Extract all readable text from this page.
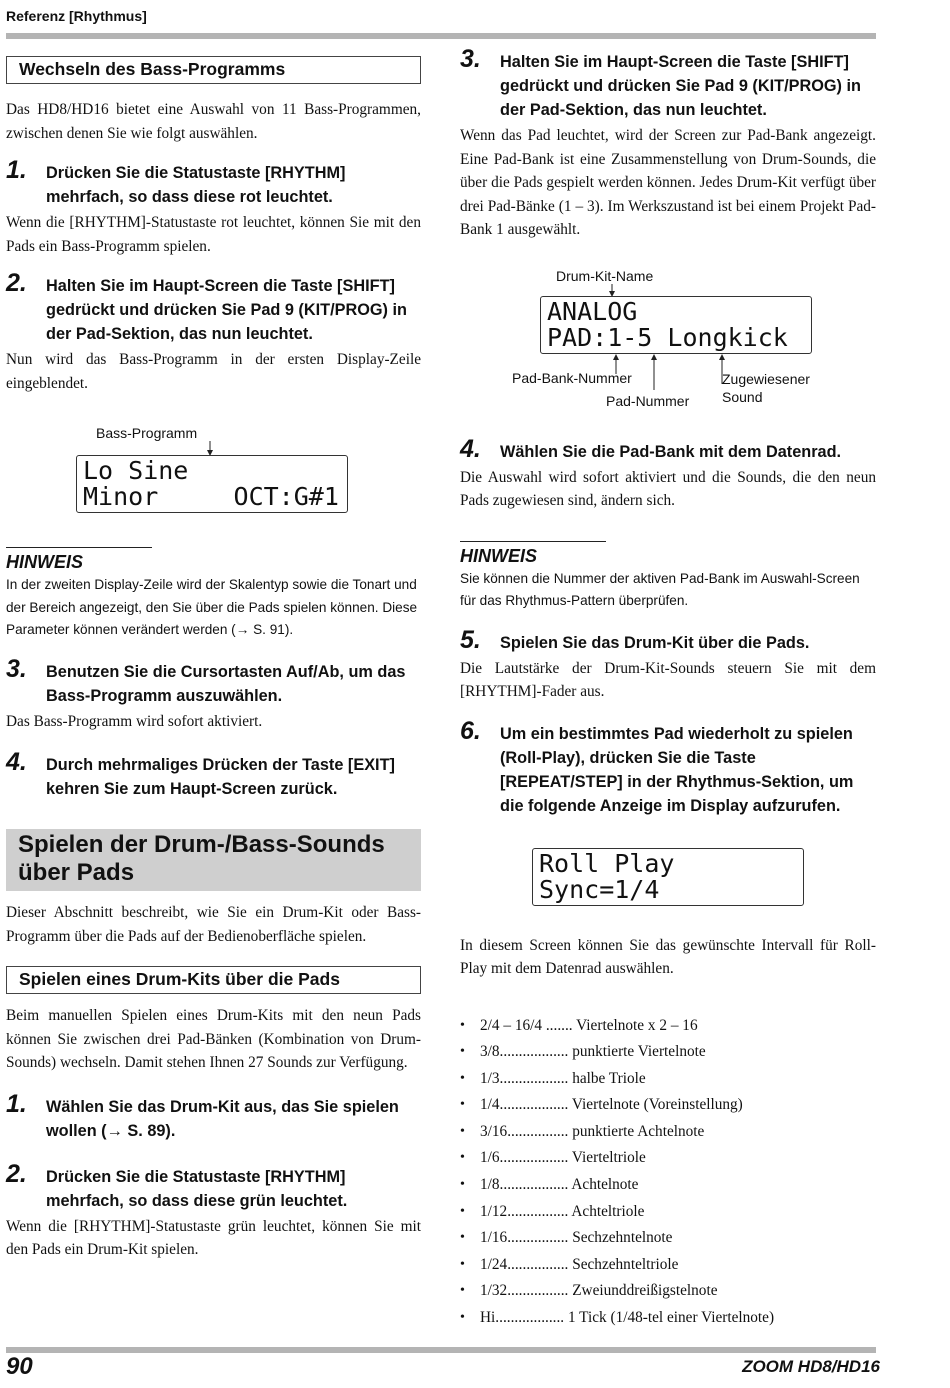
Referenz [Rhythmus]
Wechseln des Bass-Programms

Das HD8/HD16 bietet eine Auswahl von 11 Bass-Programmen, zwischen denen Sie wie folgt auswählen.

1. Drücken Sie die Statustaste [RHYTHM] mehrfach, so dass diese rot leuchtet.

Wenn die [RHYTHM]-Statustaste rot leuchtet, können Sie mit den Pads ein Bass-Programm spielen.

2. Halten Sie im Haupt-Screen die Taste [SHIFT] gedrückt und drücken Sie Pad 9 (KIT/PROG) in der Pad-Sektion, das nun leuchtet.

Nun wird das Bass-Programm in der ersten Display-Zeile eingeblendet.

Bass-Programm
Lo Sine
Minor     OCT:G#1
HINWEIS
In der zweiten Display-Zeile wird der Skalentyp sowie die Tonart und der Bereich angezeigt, den Sie über die Pads spielen können. Diese Parameter können verändert werden (→ S. 91).
3. Benutzen Sie die Cursortasten Auf/Ab, um das Bass-Programm auszuwählen.

Das Bass-Programm wird sofort aktiviert.

4. Durch mehrmaliges Drücken der Taste [EXIT] kehren Sie zum Haupt-Screen zurück.
Spielen der Drum-/Bass-Sounds über Pads

Dieser Abschnitt beschreibt, wie Sie ein Drum-Kit oder Bass-Programm über die Pads auf der Bedienoberfläche spielen.

Spielen eines Drum-Kits über die Pads

Beim manuellen Spielen eines Drum-Kits mit den neun Pads können Sie zwischen drei Pad-Bänken (Kombination von Drum-Sounds) wechseln. Damit stehen Ihnen 27 Sounds zur Verfügung.

1. Wählen Sie das Drum-Kit aus, das Sie spielen wollen (→ S. 89).
2. Drücken Sie die Statustaste [RHYTHM] mehrfach, so dass diese grün leuchtet.

Wenn die [RHYTHM]-Statustaste grün leuchtet, können Sie mit den Pads ein Drum-Kit spielen.

3. Halten Sie im Haupt-Screen die Taste [SHIFT] gedrückt und drücken Sie Pad 9 (KIT/PROG) in der Pad-Sektion, das nun leuchtet.

Wenn das Pad leuchtet, wird der Screen zur Pad-Bank angezeigt. Eine Pad-Bank ist eine Zusammenstellung von Drum-Sounds, die über die Pads gespielt werden können. Jedes Drum-Kit verfügt über drei Pad-Bänke (1 – 3). Im Werkszustand ist bei einem Projekt Pad-Bank 1 ausgewählt.

Drum-Kit-Name
ANALOG
PAD:1-5 Longkick
Pad-Bank-Nummer
Pad-Nummer
Zugewiesener
Sound
4. Wählen Sie die Pad-Bank mit dem Datenrad.

Die Auswahl wird sofort aktiviert und die Sounds, die den neun Pads zugewiesen sind, ändern sich.

HINWEIS
Sie können die Nummer der aktiven Pad-Bank im Auswahl-Screen für das Rhythmus-Pattern überprüfen.
5. Spielen Sie das Drum-Kit über die Pads.

Die Lautstärke der Drum-Kit-Sounds steuern Sie mit dem [RHYTHM]-Fader aus.

6. Um ein bestimmtes Pad wiederholt zu spielen (Roll-Play), drücken Sie die Taste [REPEAT/STEP] in der Rhythmus-Sektion, um die folgende Anzeige im Display aufzurufen.
Roll Play
Sync=1/4

In diesem Screen können Sie das gewünschte Intervall für Roll-Play mit dem Datenrad auswählen.

• 2/4 – 16/4 ....... Viertelnote x 2 – 16
• 3/8.................. punktierte Viertelnote
• 1/3.................. halbe Triole
• 1/4.................. Viertelnote (Voreinstellung)
• 3/16................ punktierte Achtelnote
• 1/6.................. Vierteltriole
• 1/8.................. Achtelnote
• 1/12................ Achteltriole
• 1/16................ Sechzehntelnote
• 1/24................ Sechzehnteltriole
• 1/32................ Zweiunddreißigstelnote
• Hi.................. 1 Tick (1/48-tel einer Viertelnote)
90	ZOOM HD8/HD16
